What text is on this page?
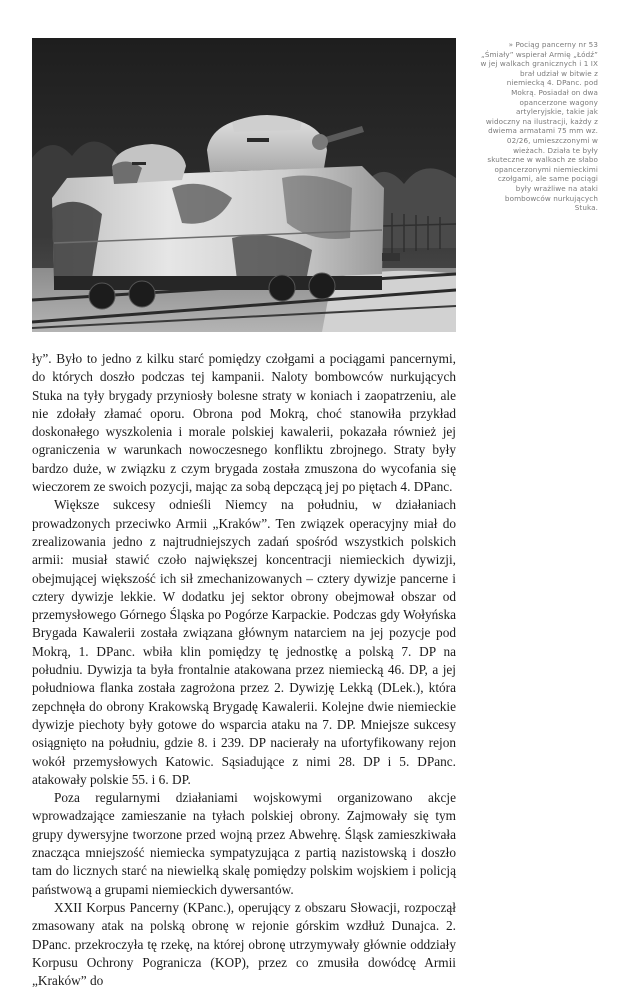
» Pociąg pancerny nr 53 „Śmiały” wspierał Armię „Łódź” w jej walkach granicznych i 1 IX brał udział w bitwie z niemiecką 4. DPanc. pod Mokrą. Posiadał on dwa opancerzone wagony artyleryjskie, takie jak widoczny na ilustracji, każdy z dwiema armatami 75 mm wz. 02/26, umieszczonymi w wieżach. Działa te były skuteczne w walkach ze słabo opancerzonymi niemieckimi czołgami, ale same pociągi były wrażliwe na ataki bombowców nurkujących Stuka.

ły”. Było to jedno z kilku starć pomiędzy czołgami a pociągami pancernymi, do których doszło podczas tej kampanii. Naloty bombowców nurkujących Stuka na tyły brygady przyniosły bolesne straty w koniach i zaopatrzeniu, ale nie zdołały złamać oporu. Obrona pod Mokrą, choć stanowiła przykład doskonałego wyszkolenia i morale polskiej kawalerii, pokazała również jej ograniczenia w warunkach nowoczesnego konfliktu zbrojnego. Straty były bardzo duże, w związku z czym brygada została zmuszona do wycofania się wieczorem ze swoich pozycji, mając za sobą depczącą jej po piętach 4. DPanc.

Większe sukcesy odnieśli Niemcy na południu, w działaniach prowadzonych przeciwko Armii „Kraków”. Ten związek operacyjny miał do zrealizowania jedno z najtrudniejszych zadań spośród wszystkich polskich armii: musiał stawić czoło największej koncentracji niemieckich dywizji, obejmującej większość ich sił zmechanizowanych – cztery dywizje pancerne i cztery dywizje lekkie. W dodatku jej sektor obrony obejmował obszar od przemysłowego Górnego Śląska po Pogórze Karpackie. Podczas gdy Wołyńska Brygada Kawalerii została związana głównym natarciem na jej pozycje pod Mokrą, 1. DPanc. wbiła klin pomiędzy tę jednostkę a polską 7. DP na południu. Dywizja ta była frontalnie atakowana przez niemiecką 46. DP, a jej południowa flanka została zagrożona przez 2. Dywizję Lekką (DLek.), która zepchnęła do obrony Krakowską Brygadę Kawalerii. Kolejne dwie niemieckie dywizje piechoty były gotowe do wsparcia ataku na 7. DP. Mniejsze sukcesy osiągnięto na południu, gdzie 8. i 239. DP nacierały na ufortyfikowany rejon wokół przemysłowych Katowic. Sąsiadujące z nimi 28. DP i 5. DPanc. atakowały polskie 55. i 6. DP.

Poza regularnymi działaniami wojskowymi organizowano akcje wprowadzające zamieszanie na tyłach polskiej obrony. Zajmowały się tym grupy dywersyjne tworzone przed wojną przez Abwehrę. Śląsk zamieszkiwała znacząca mniejszość niemiecka sympatyzująca z partią nazistowską i doszło tam do licznych starć na niewielką skalę pomiędzy polskim wojskiem i policją państwową a grupami niemieckich dywersantów.

XXII Korpus Pancerny (KPanc.), operujący z obszaru Słowacji, rozpoczął zmasowany atak na polską obronę w rejonie górskim wzdłuż Dunajca. 2. DPanc. przekroczyła tę rzekę, na której obronę utrzymywały głównie oddziały Korpusu Ochrony Pogranicza (KOP), przez co zmusiła dowódcę Armii „Kraków” do
